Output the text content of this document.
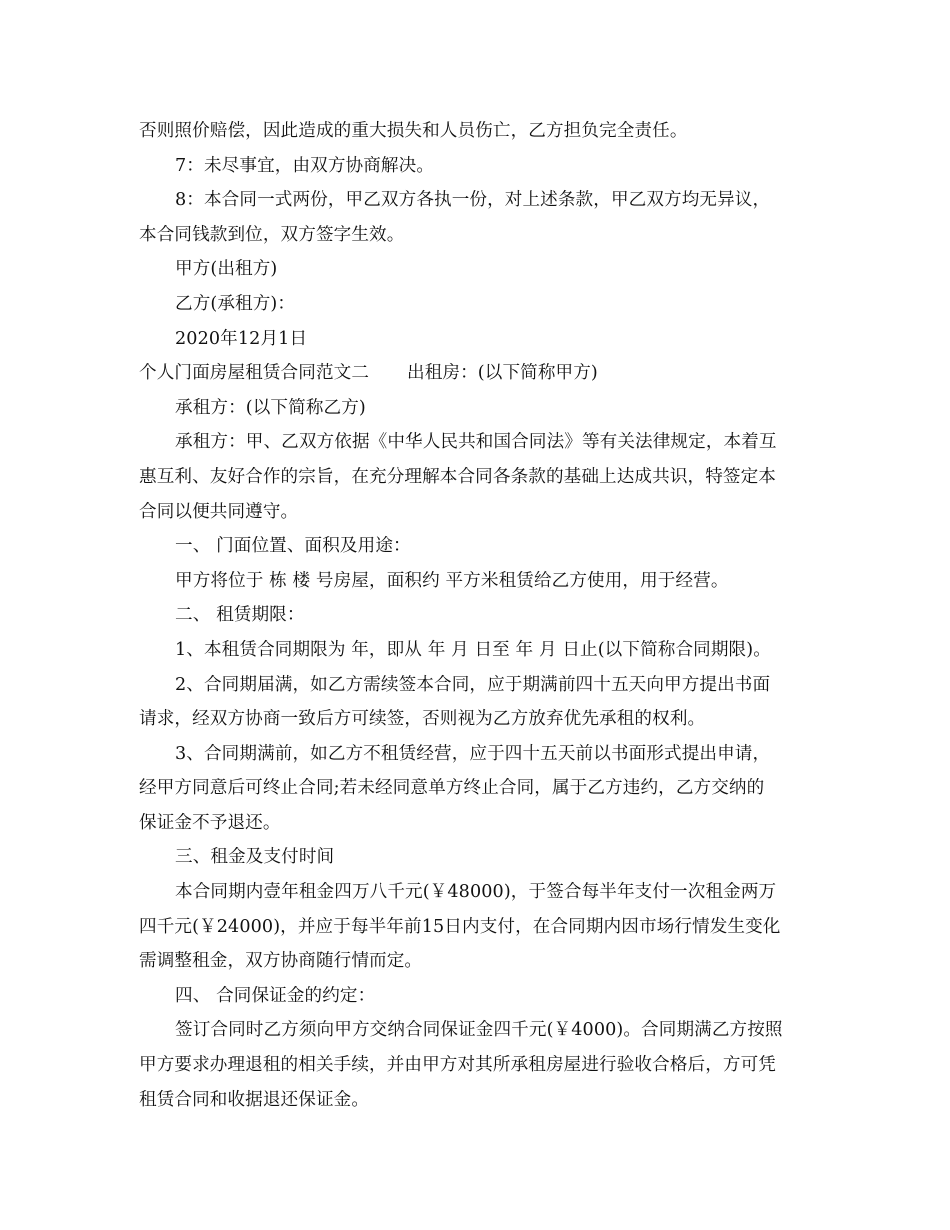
否则照价赔偿，因此造成的重大损失和人员伤亡，乙方担负完全责任。

7：未尽事宜，由双方协商解决。

8：本合同一式两份，甲乙双方各执一份，对上述条款，甲乙双方均无异议，

本合同钱款到位，双方签字生效。

甲方(出租方)

乙方(承租方)：

2020年12月1日

个人门面房屋租赁合同范文二 出租房：(以下简称甲方)

承租方：(以下简称乙方)

承租方：甲、乙双方依据《中华人民共和国合同法》等有关法律规定，本着互

惠互利、友好合作的宗旨，在充分理解本合同各条款的基础上达成共识，特签定本

合同以便共同遵守。

一、 门面位置、面积及用途：

甲方将位于 栋 楼 号房屋，面积约 平方米租赁给乙方使用，用于经营。

二、 租赁期限：

1、本租赁合同期限为 年，即从 年 月 日至 年 月 日止(以下简称合同期限)。

2、合同期届满，如乙方需续签本合同，应于期满前四十五天向甲方提出书面

请求，经双方协商一致后方可续签，否则视为乙方放弃优先承租的权利。

3、合同期满前，如乙方不租赁经营，应于四十五天前以书面形式提出申请，

经甲方同意后可终止合同;若未经同意单方终止合同，属于乙方违约，乙方交纳的

保证金不予退还。

三、租金及支付时间

本合同期内壹年租金四万八千元(￥48000)，于签合每半年支付一次租金两万

四千元(￥24000)，并应于每半年前15日内支付，在合同期内因市场行情发生变化

需调整租金，双方协商随行情而定。

四、 合同保证金的约定：

签订合同时乙方须向甲方交纳合同保证金四千元(￥4000)。合同期满乙方按照

甲方要求办理退租的相关手续，并由甲方对其所承租房屋进行验收合格后，方可凭

租赁合同和收据退还保证金。
